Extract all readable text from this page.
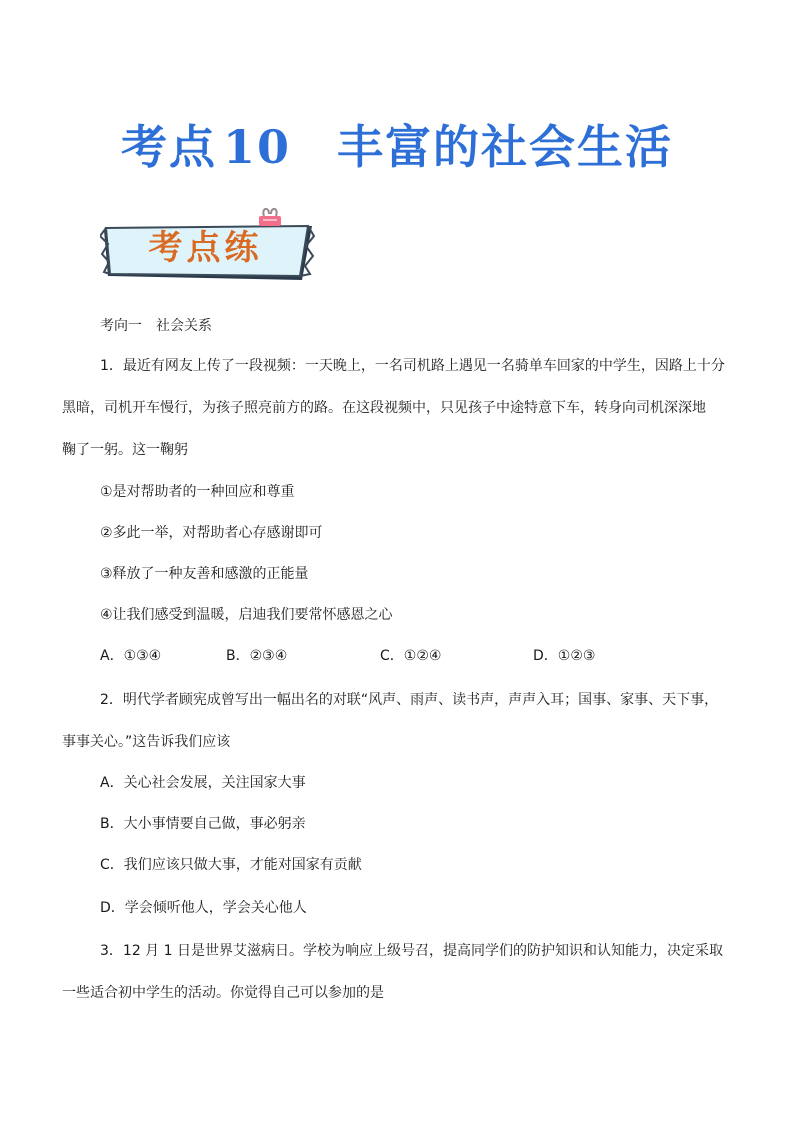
考点 10 丰富的社会生活
考点练
考向一　社会关系
1．最近有网友上传了一段视频：一天晚上，一名司机路上遇见一名骑单车回家的中学生，因路上十分
黑暗，司机开车慢行，为孩子照亮前方的路。在这段视频中，只见孩子中途特意下车，转身向司机深深地
鞠了一躬。这一鞠躬
①是对帮助者的一种回应和尊重
②多此一举，对帮助者心存感谢即可
③释放了一种友善和感激的正能量
④让我们感受到温暖，启迪我们要常怀感恩之心
A．①③④	B．②③④	C．①②④	D．①②③
2．明代学者顾宪成曾写出一幅出名的对联“风声、雨声、读书声，声声入耳；国事、家事、天下事，
事事关心。”这告诉我们应该
A．关心社会发展，关注国家大事
B．大小事情要自己做，事必躬亲
C．我们应该只做大事，才能对国家有贡献
D．学会倾听他人，学会关心他人
3．12 月 1 日是世界艾滋病日。学校为响应上级号召，提高同学们的防护知识和认知能力，决定采取
一些适合初中学生的活动。你觉得自己可以参加的是
